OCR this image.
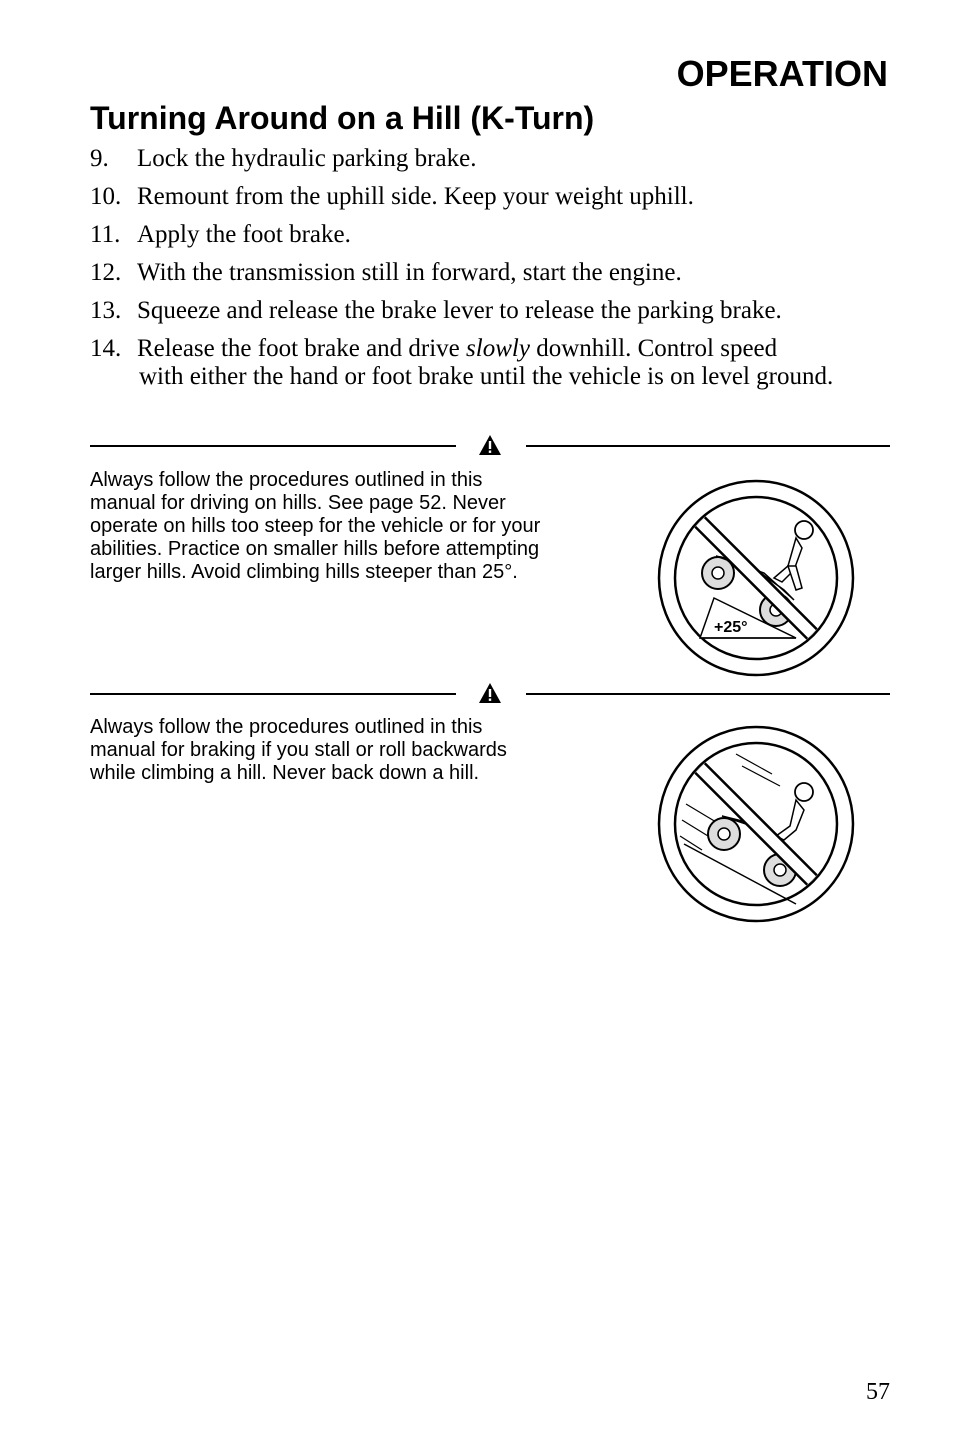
OPERATION
Turning Around on a Hill (K-Turn)
9. Lock the hydraulic parking brake.
10. Remount from the uphill side. Keep your weight uphill.
11. Apply the foot brake.
12. With the transmission still in forward, start the engine.
13. Squeeze and release the brake lever to release the parking brake.
14. Release the foot brake and drive slowly downhill. Control speed
with either the hand or foot brake until the vehicle is on level ground.

Always follow the procedures outlined in this manual for driving on hills. See page 52. Never operate on hills too steep for the vehicle or for your abilities. Practice on smaller hills before attempting larger hills. Avoid climbing hills steeper than 25°.

+25°

Always follow the procedures outlined in this manual for braking if you stall or roll backwards while climbing a hill. Never back down a hill.

57
